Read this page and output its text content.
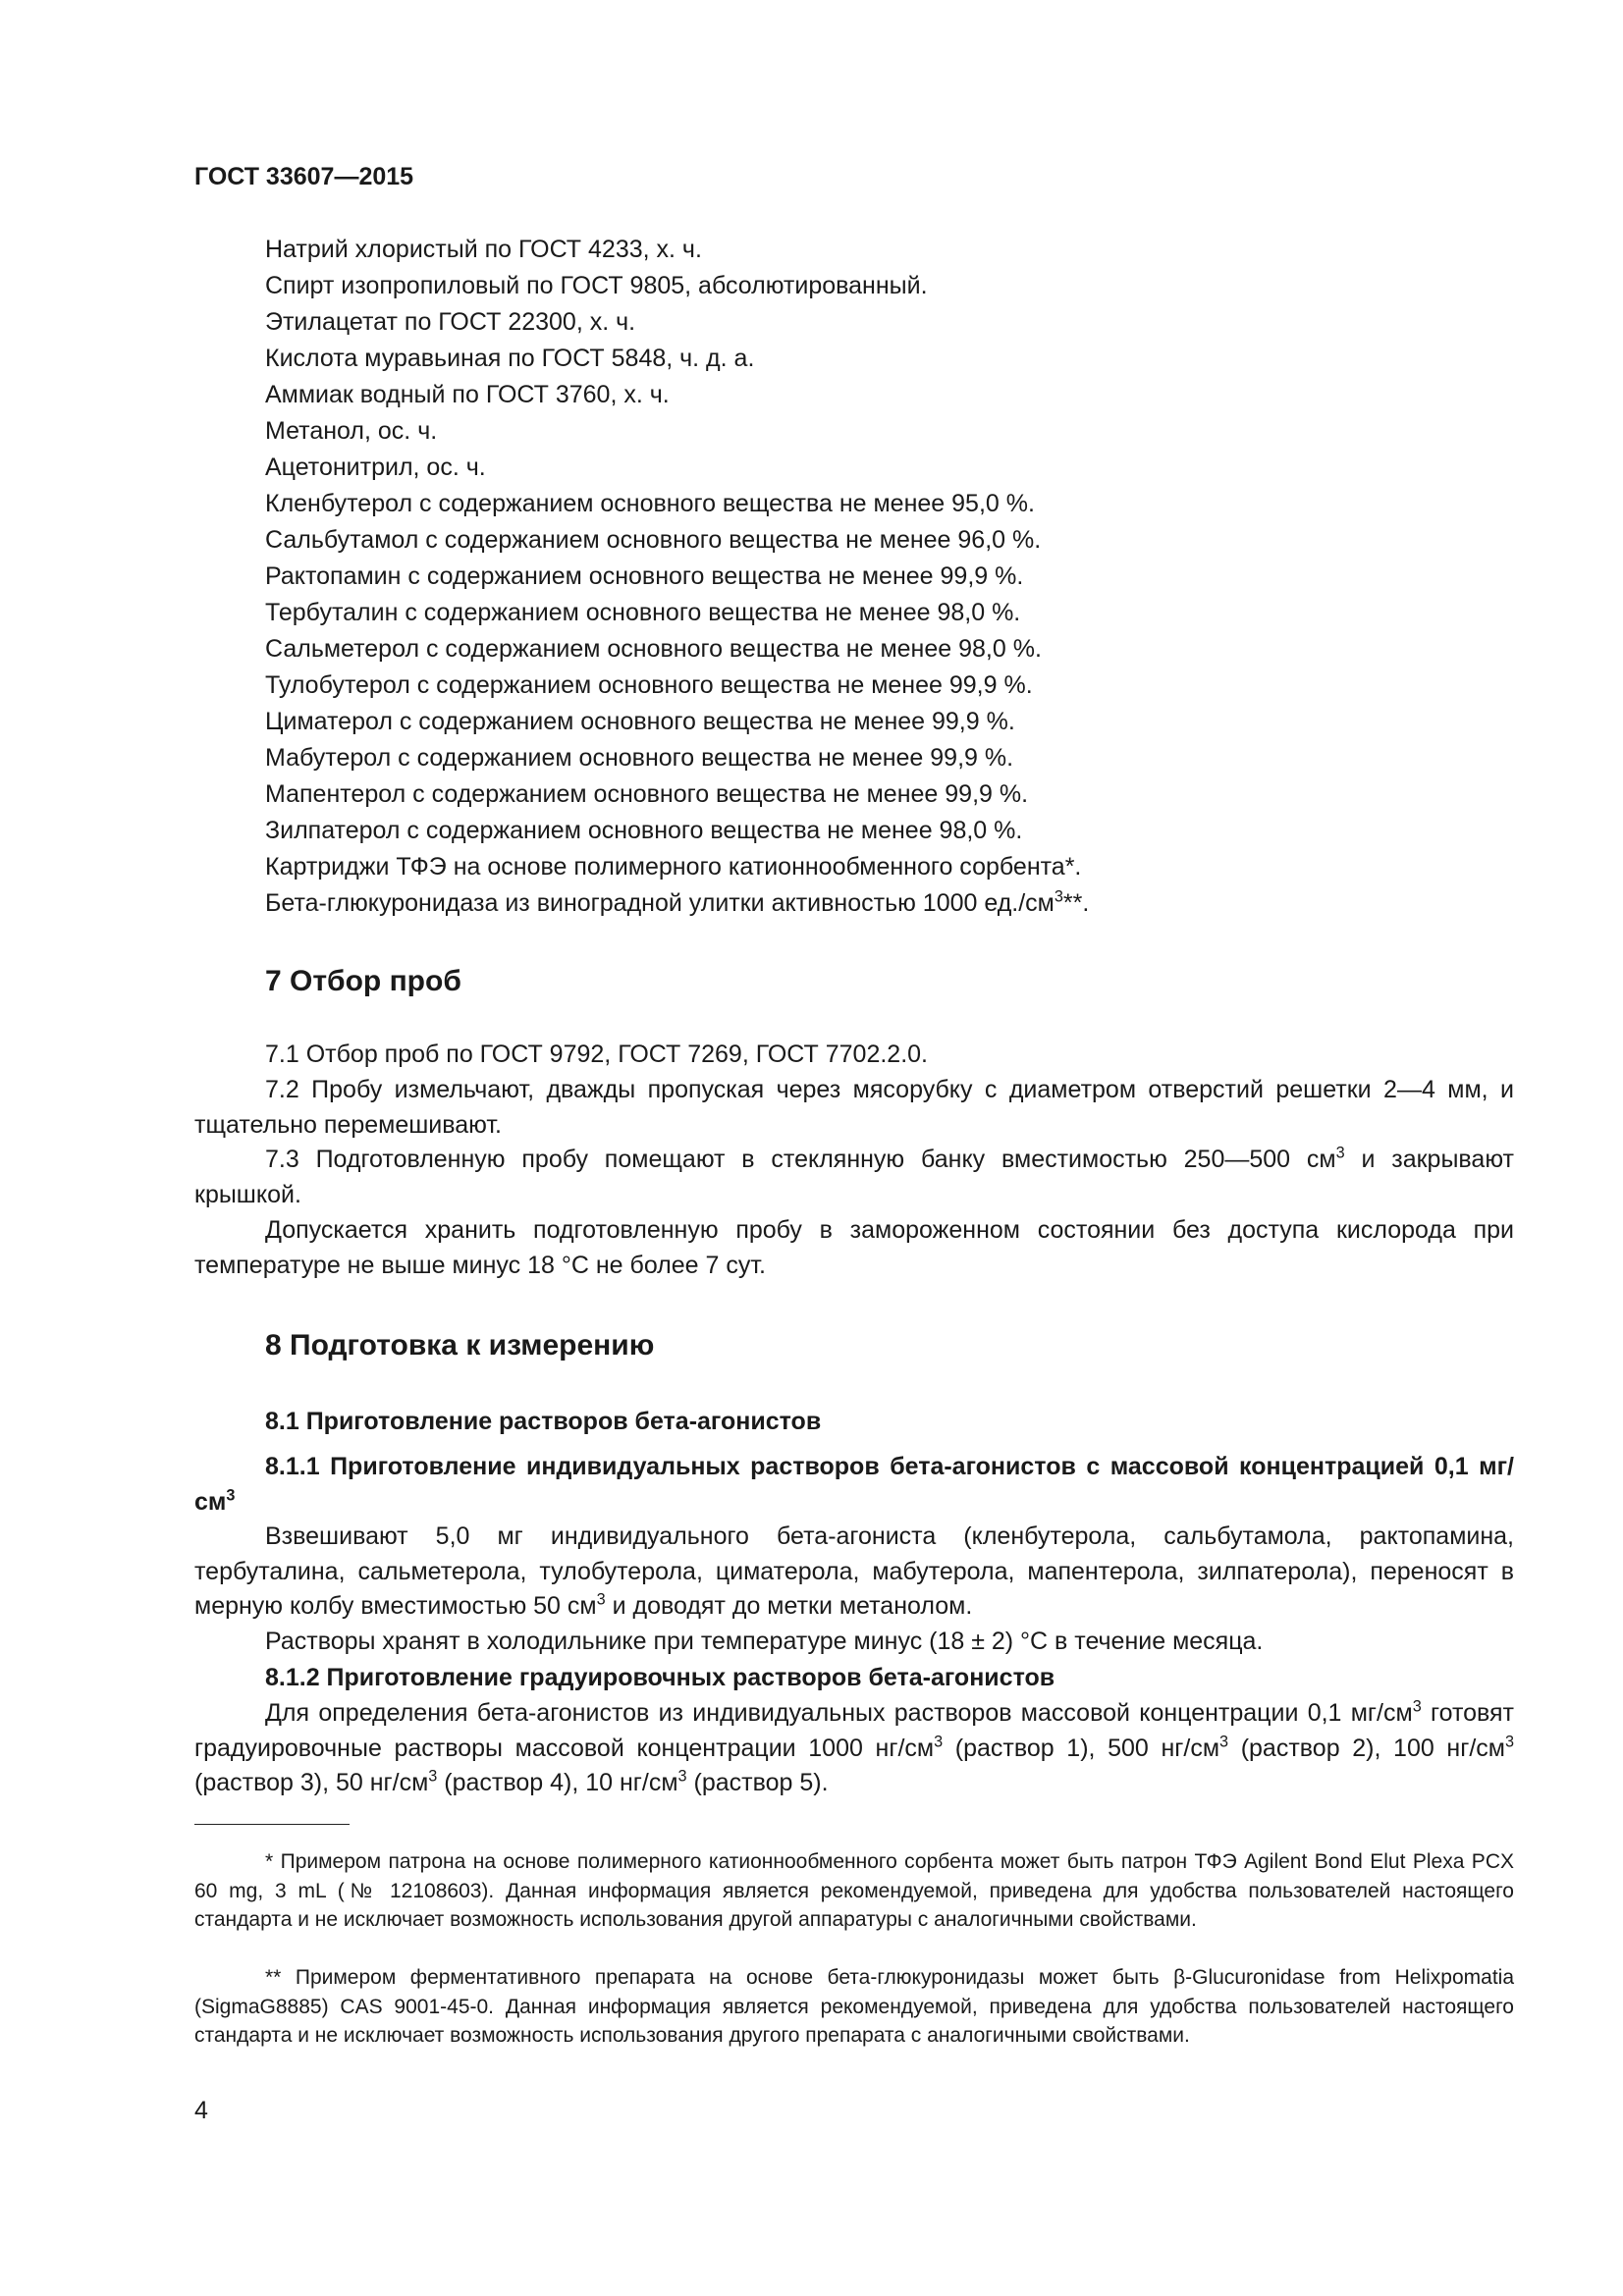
ГОСТ 33607—2015
Натрий хлористый по ГОСТ 4233, х. ч.
Спирт изопропиловый по ГОСТ 9805, абсолютированный.
Этилацетат по ГОСТ 22300, х. ч.
Кислота муравьиная по ГОСТ 5848, ч. д. а.
Аммиак водный по ГОСТ 3760, х. ч.
Метанол, ос. ч.
Ацетонитрил, ос. ч.
Кленбутерол с содержанием основного вещества не менее 95,0 %.
Сальбутамол с содержанием основного вещества не менее 96,0 %.
Рактопамин с содержанием основного вещества не менее 99,9 %.
Тербуталин с содержанием основного вещества не менее 98,0 %.
Сальметерол с содержанием основного вещества не менее 98,0 %.
Тулобутерол с содержанием основного вещества не менее 99,9 %.
Циматерол с содержанием основного вещества не менее 99,9 %.
Мабутерол с содержанием основного вещества не менее 99,9 %.
Мапентерол с содержанием основного вещества не менее 99,9 %.
Зилпатерол с содержанием основного вещества не менее 98,0 %.
Картриджи ТФЭ на основе полимерного катионнообменного сорбента*.
Бета-глюкуронидаза из виноградной улитки активностью 1000 $ед./см^3**$.
7 Отбор проб
7.1 Отбор проб по ГОСТ 9792, ГОСТ 7269, ГОСТ 7702.2.0.
7.2 Пробу измельчают, дважды пропуская через мясорубку с диаметром отверстий решетки 2—4 мм, и тщательно перемешивают.
7.3 Подготовленную пробу помещают в стеклянную банку вместимостью 250—500 $см^3$ и закрывают крышкой.
Допускается хранить подготовленную пробу в замороженном состоянии без доступа кислорода при температуре не выше минус 18 °С не более 7 сут.
8 Подготовка к измерению
8.1 Приготовление растворов бета-агонистов
8.1.1 Приготовление индивидуальных растворов бета-агонистов с массовой концентрацией 0,1 $мг/см^3$
Взвешивают 5,0 мг индивидуального бета-агониста (кленбутерола, сальбутамола, рактопамина, тербуталина, сальметерола, тулобутерола, циматерола, мабутерола, мапентерола, зилпатерола), переносят в мерную колбу вместимостью 50 $см^3$ и доводят до метки метанолом.
Растворы хранят в холодильнике при температуре минус (18 ± 2) °С в течение месяца.
8.1.2 Приготовление градуировочных растворов бета-агонистов
Для определения бета-агонистов из индивидуальных растворов массовой концентрации 0,1 $мг/см^3$ готовят градуировочные растворы массовой концентрации 1000 $нг/см^3$ (раствор 1), 500 $нг/см^3$ (раствор 2), 100 $нг/см^3$ (раствор 3), 50 $нг/см^3$ (раствор 4), 10 $нг/см^3$ (раствор 5).
* Примером патрона на основе полимерного катионнообменного сорбента может быть патрон ТФЭ Agilent Bond Elut Plexa PCX 60 mg, 3 mL (№ 12108603). Данная информация является рекомендуемой, приведена для удобства пользователей настоящего стандарта и не исключает возможность использования другой аппаратуры с аналогичными свойствами.
** Примером ферментативного препарата на основе бета-глюкуронидазы может быть β-Glucuronidase from Helixpomatia (SigmaG8885) CAS 9001-45-0. Данная информация является рекомендуемой, приведена для удобства пользователей настоящего стандарта и не исключает возможность использования другого препарата с аналогичными свойствами.
4
